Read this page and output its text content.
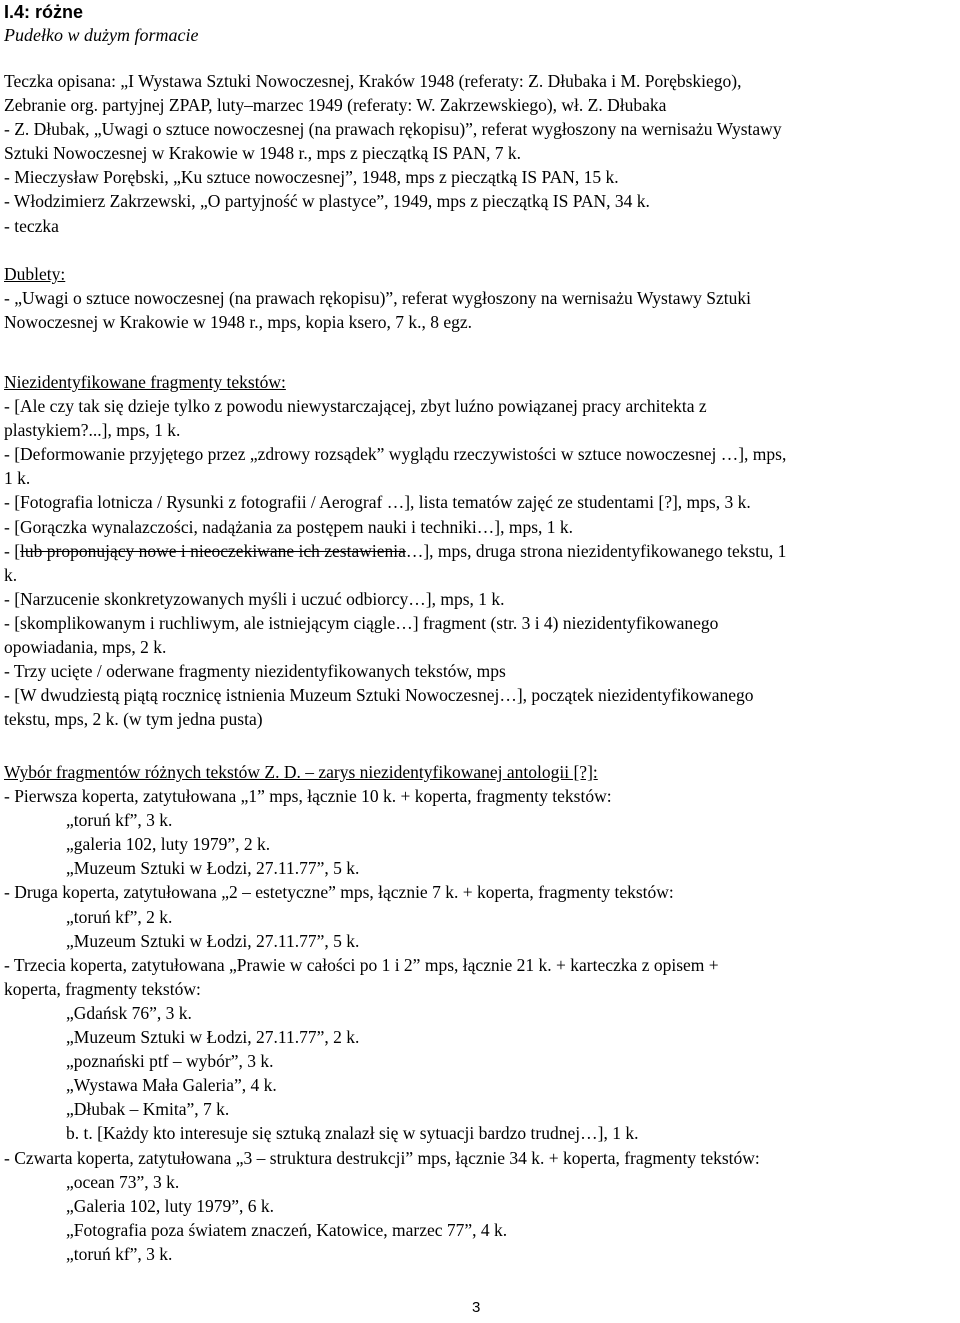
I.4: różne

Pudełko w dużym formacie

Teczka opisana: „I Wystawa Sztuki Nowoczesnej, Kraków 1948 (referaty: Z. Dłubaka i M. Porębskiego),

Zebranie org. partyjnej ZPAP, luty–marzec 1949 (referaty: W. Zakrzewskiego), wł. Z. Dłubaka

- Z. Dłubak, „Uwagi o sztuce nowoczesnej (na prawach rękopisu)”, referat wygłoszony na wernisażu Wystawy

Sztuki Nowoczesnej w Krakowie w 1948 r., mps z pieczątką IS PAN, 7 k.

- Mieczysław Porębski, „Ku sztuce nowoczesnej”, 1948, mps z pieczątką IS PAN, 15 k.

- Włodzimierz Zakrzewski, „O partyjność w plastyce”, 1949, mps z pieczątką IS PAN, 34 k.

- teczka

Dublety:

- „Uwagi o sztuce nowoczesnej (na prawach rękopisu)”, referat wygłoszony na wernisażu Wystawy Sztuki

Nowoczesnej w Krakowie w 1948 r., mps, kopia ksero, 7 k., 8 egz.

Niezidentyfikowane fragmenty tekstów:

- [Ale czy tak się dzieje tylko z powodu niewystarczającej, zbyt luźno powiązanej pracy architekta z

plastykiem?...], mps, 1 k.

- [Deformowanie przyjętego przez „zdrowy rozsądek” wyglądu rzeczywistości w sztuce nowoczesnej …], mps,

1 k.

- [Fotografia lotnicza / Rysunki z fotografii / Aerograf …], lista tematów zajęć ze studentami [?], mps, 3 k.

- [Gorączka wynalazczości, nadążania za postępem nauki i techniki…], mps, 1 k.

- [lub proponujący nowe i nieoczekiwane ich zestawienia…], mps, druga strona niezidentyfikowanego tekstu, 1

k.

- [Narzucenie skonkretyzowanych myśli i uczuć odbiorcy…], mps, 1 k.

- [skomplikowanym i ruchliwym, ale istniejącym ciągle…] fragment (str. 3 i 4) niezidentyfikowanego

opowiadania, mps, 2 k.

- Trzy ucięte / oderwane fragmenty niezidentyfikowanych tekstów, mps

- [W dwudziestą piątą rocznicę istnienia Muzeum Sztuki Nowoczesnej…], początek niezidentyfikowanego

tekstu, mps, 2 k. (w tym jedna pusta)

Wybór fragmentów różnych tekstów Z. D. – zarys niezidentyfikowanej antologii [?]:

- Pierwsza koperta, zatytułowana „1” mps, łącznie 10 k. + koperta, fragmenty tekstów:

„toruń kf”, 3 k.

„galeria 102, luty 1979”, 2 k.

„Muzeum Sztuki w Łodzi, 27.11.77”, 5 k.

- Druga koperta, zatytułowana „2 – estetyczne” mps, łącznie 7 k. + koperta, fragmenty tekstów:

„toruń kf”, 2 k.

„Muzeum Sztuki w Łodzi, 27.11.77”, 5 k.

- Trzecia koperta, zatytułowana „Prawie w całości po 1 i 2” mps, łącznie 21 k. + karteczka z opisem +

koperta, fragmenty tekstów:

„Gdańsk 76”, 3 k.

„Muzeum Sztuki w Łodzi, 27.11.77”, 2 k.

„poznański ptf – wybór”, 3 k.

„Wystawa Mała Galeria”, 4 k.

„Dłubak – Kmita”, 7 k.

b. t. [Każdy kto interesuje się sztuką znalazł się w sytuacji bardzo trudnej…], 1 k.

- Czwarta koperta, zatytułowana „3 – struktura destrukcji” mps, łącznie 34 k. + koperta, fragmenty tekstów:

„ocean 73”, 3 k.

„Galeria 102, luty 1979”, 6 k.

„Fotografia poza światem znaczeń, Katowice, marzec 77”, 4 k.

„toruń kf”, 3 k.

3
